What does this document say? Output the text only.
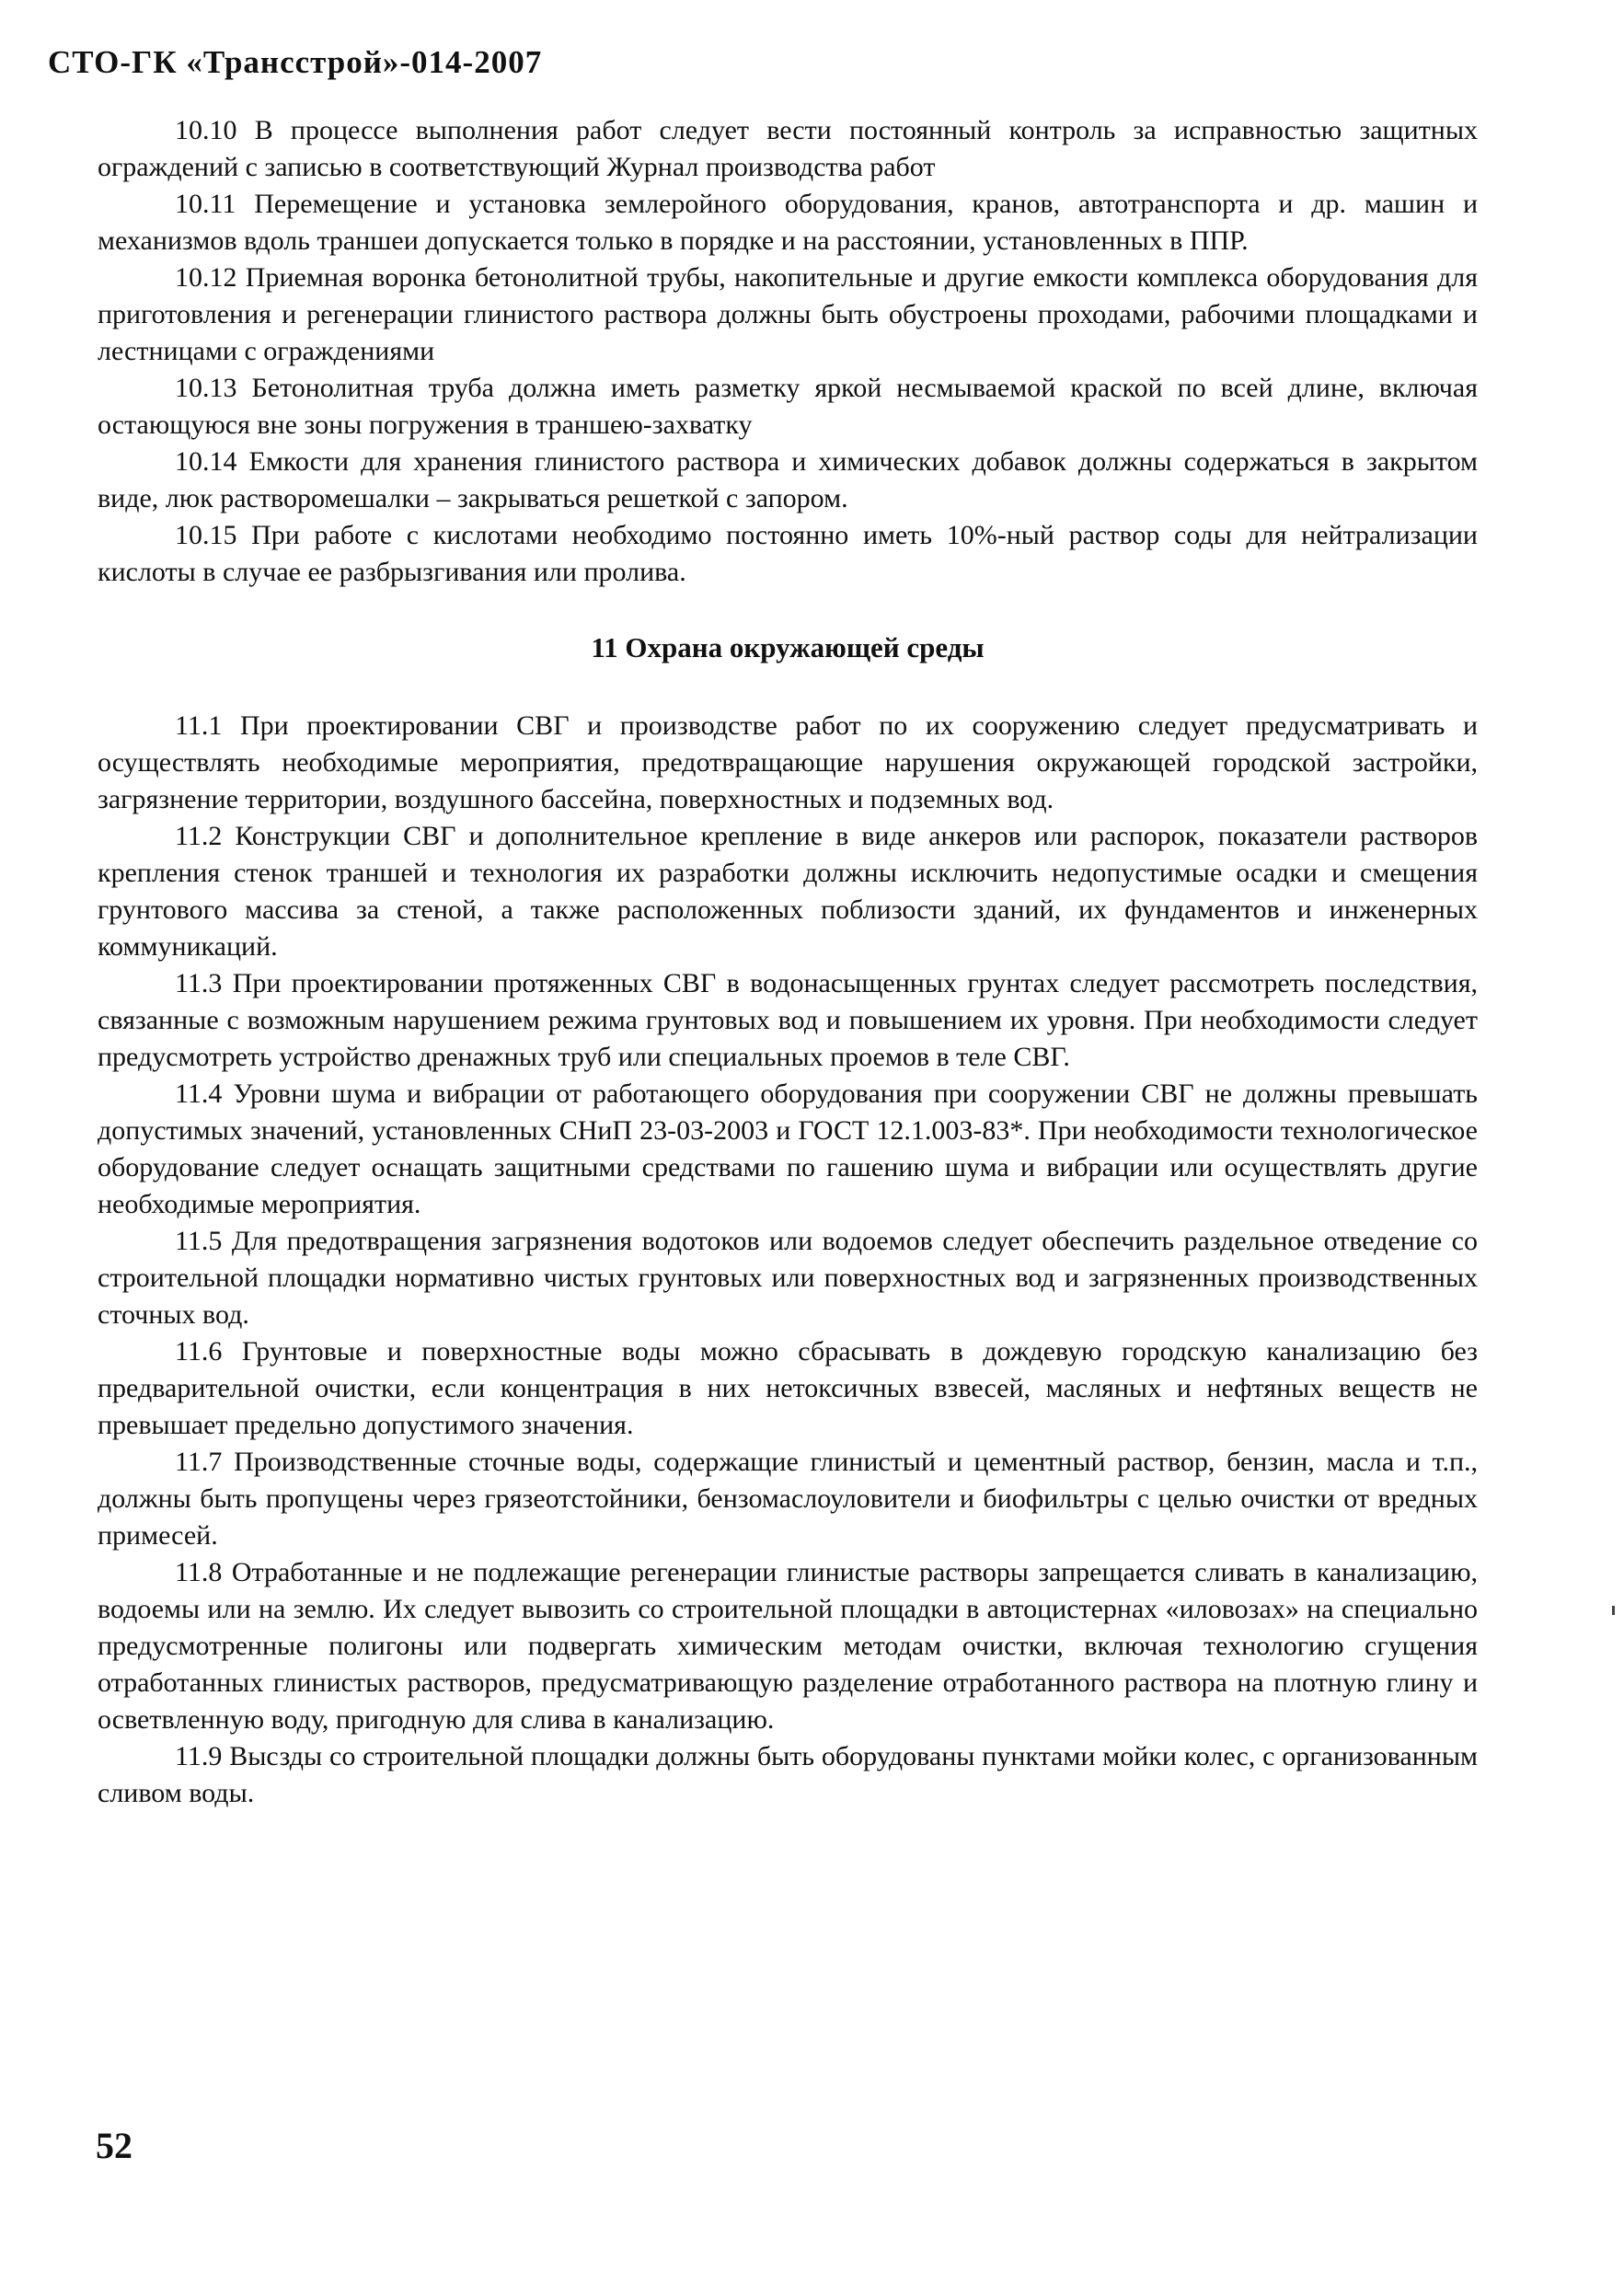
СТО-ГК «Трансстрой»-014-2007

10.10 В процессе выполнения работ следует вести постоянный контроль за исправностью защитных ограждений с записью в соответствующий Журнал производства работ

10.11 Перемещение и установка землеройного оборудования, кранов, автотранспорта и др. машин и механизмов вдоль траншеи допускается только в порядке и на расстоянии, установленных в ППР.

10.12 Приемная воронка бетонолитной трубы, накопительные и другие емкости комплекса оборудования для приготовления и регенерации глинистого раствора должны быть обустроены проходами, рабочими площадками и лестницами с ограждениями

10.13 Бетонолитная труба должна иметь разметку яркой несмываемой краской по всей длине, включая остающуюся вне зоны погружения в траншею-захватку

10.14 Емкости для хранения глинистого раствора и химических добавок должны содержаться в закрытом виде, люк растворомешалки – закрываться решеткой с запором.

10.15 При работе с кислотами необходимо постоянно иметь 10%-ный раствор соды для нейтрализации кислоты в случае ее разбрызгивания или пролива.

11 Охрана окружающей среды

11.1 При проектировании СВГ и производстве работ по их сооружению следует предусматривать и осуществлять необходимые мероприятия, предотвращающие нарушения окружающей городской застройки, загрязнение территории, воздушного бассейна, поверхностных и подземных вод.

11.2 Конструкции СВГ и дополнительное крепление в виде анкеров или распорок, показатели растворов крепления стенок траншей и технология их разработки должны исключить недопустимые осадки и смещения грунтового массива за стеной, а также расположенных поблизости зданий, их фундаментов и инженерных коммуникаций.

11.3 При проектировании протяженных СВГ в водонасыщенных грунтах следует рассмотреть последствия, связанные с возможным нарушением режима грунтовых вод и повышением их уровня. При необходимости следует предусмотреть устройство дренажных труб или специальных проемов в теле СВГ.

11.4 Уровни шума и вибрации от работающего оборудования при сооружении СВГ не должны превышать допустимых значений, установленных СНиП 23-03-2003 и ГОСТ 12.1.003-83*. При необходимости технологическое оборудование следует оснащать защитными средствами по гашению шума и вибрации или осуществлять другие необходимые мероприятия.

11.5 Для предотвращения загрязнения водотоков или водоемов следует обеспечить раздельное отведение со строительной площадки нормативно чистых грунтовых или поверхностных вод и загрязненных производственных сточных вод.

11.6 Грунтовые и поверхностные воды можно сбрасывать в дождевую городскую канализацию без предварительной очистки, если концентрация в них нетоксичных взвесей, масляных и нефтяных веществ не превышает предельно допустимого значения.

11.7 Производственные сточные воды, содержащие глинистый и цементный раствор, бензин, масла и т.п., должны быть пропущены через грязеотстойники, бензомаслоуловители и биофильтры с целью очистки от вредных примесей.

11.8 Отработанные и не подлежащие регенерации глинистые растворы запрещается сливать в канализацию, водоемы или на землю. Их следует вывозить со строительной площадки в автоцистернах «иловозах» на специально предусмотренные полигоны или подвергать химическим методам очистки, включая технологию сгущения отработанных глинистых растворов, предусматривающую разделение отработанного раствора на плотную глину и осветвленную воду, пригодную для слива в канализацию.

11.9 Высзды со строительной площадки должны быть оборудованы пунктами мойки колес, с организованным сливом воды.

52
